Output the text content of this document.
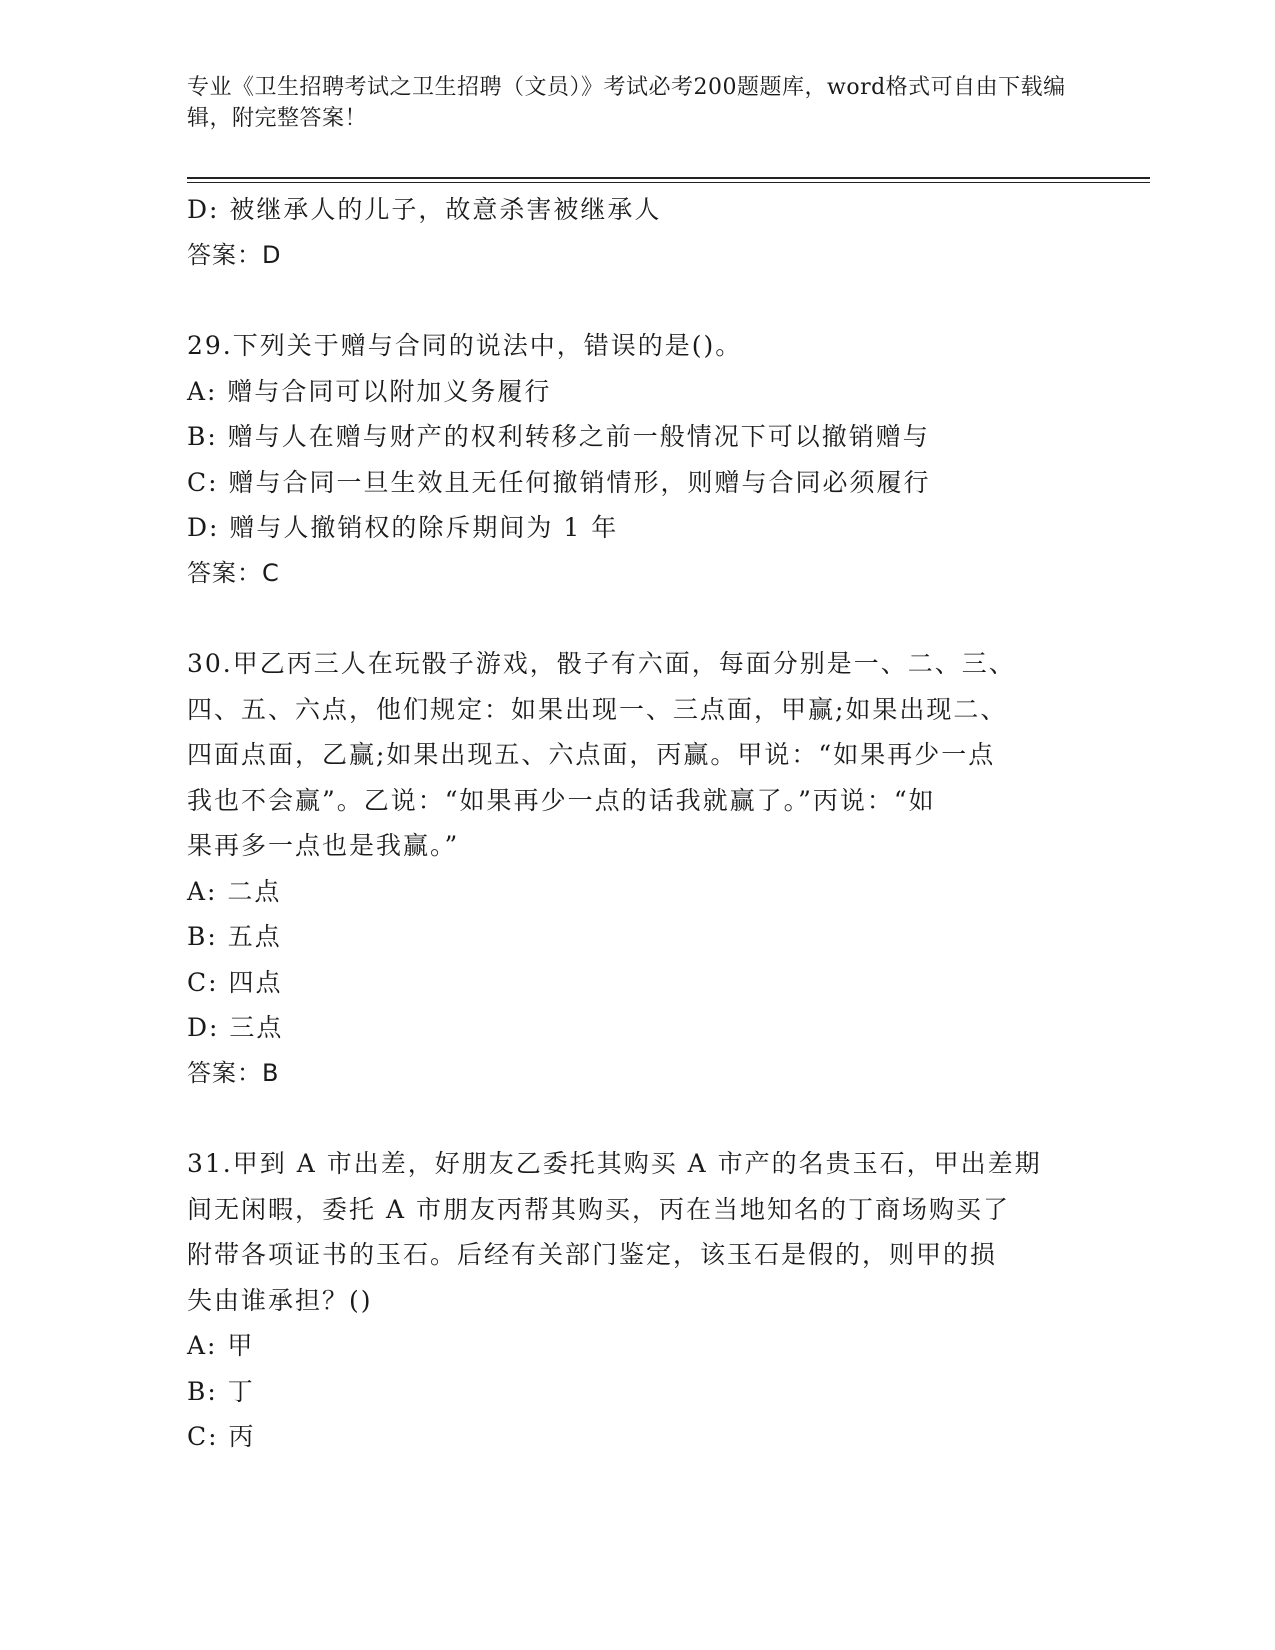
专业《卫生招聘考试之卫生招聘（文员）》考试必考200题题库，word格式可自由下载编辑，附完整答案！
D: 被继承人的儿子，故意杀害被继承人
答案：D
29.下列关于赠与合同的说法中，错误的是()。
A: 赠与合同可以附加义务履行
B: 赠与人在赠与财产的权利转移之前一般情况下可以撤销赠与
C: 赠与合同一旦生效且无任何撤销情形，则赠与合同必须履行
D: 赠与人撤销权的除斥期间为 1 年
答案：C
30.甲乙丙三人在玩骰子游戏，骰子有六面，每面分别是一、二、三、
四、五、六点，他们规定：如果出现一、三点面，甲赢;如果出现二、
四面点面，乙赢;如果出现五、六点面，丙赢。甲说：“如果再少一点
我也不会赢”。乙说：“如果再少一点的话我就赢了。”丙说：“如
果再多一点也是我赢。”
A: 二点
B: 五点
C: 四点
D: 三点
答案：B
31.甲到 A 市出差，好朋友乙委托其购买 A 市产的名贵玉石，甲出差期
间无闲暇，委托 A 市朋友丙帮其购买，丙在当地知名的丁商场购买了
附带各项证书的玉石。后经有关部门鉴定，该玉石是假的，则甲的损
失由谁承担？()
A: 甲
B: 丁
C: 丙
